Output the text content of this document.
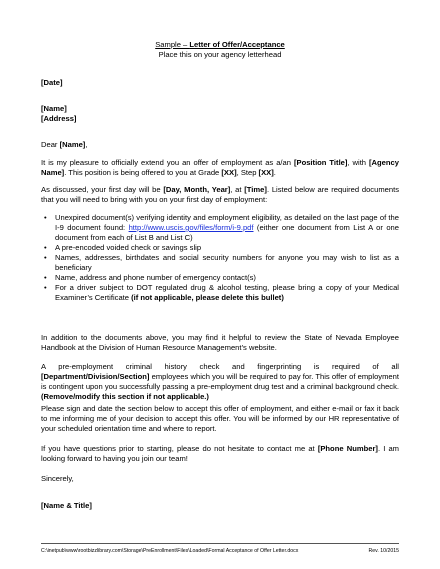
Sample – Letter of Offer/Acceptance
Place this on your agency letterhead
[Date]
[Name]
[Address]
Dear [Name],
It is my pleasure to officially extend you an offer of employment as a/an [Position Title], with [Agency Name]. This position is being offered to you at Grade [XX], Step [XX].
As discussed, your first day will be [Day, Month, Year], at [Time]. Listed below are required documents that you will need to bring with you on your first day of employment:
• Unexpired document(s) verifying identity and employment eligibility, as detailed on the last page of the I-9 document found: http://www.uscis.gov/files/form/i-9.pdf (either one document from List A or one document from each of List B and List C)
• A pre-encoded voided check or savings slip
• Names, addresses, birthdates and social security numbers for anyone you may wish to list as a beneficiary
• Name, address and phone number of emergency contact(s)
• For a driver subject to DOT regulated drug & alcohol testing, please bring a copy of your Medical Examiner’s Certificate (if not applicable, please delete this bullet)
In addition to the documents above, you may find it helpful to review the State of Nevada Employee Handbook at the Division of Human Resource Management’s website.
A pre-employment criminal history check and fingerprinting is required of all [Department/Division/Section] employees which you will be required to pay for. This offer of employment is contingent upon you successfully passing a pre-employment drug test and a criminal background check. (Remove/modify this section if not applicable.)
Please sign and date the section below to accept this offer of employment, and either e-mail or fax it back to me informing me of your decision to accept this offer. You will be informed by our HR representative of your scheduled orientation time and where to report.
If you have questions prior to starting, please do not hesitate to contact me at [Phone Number]. I am looking forward to having you join our team!
Sincerely,
[Name & Title]
C:\inetpub\www\rootbizzlibrary.com\Storage\PreEnrollment\Files\Loaded\Formal Acceptance of Offer Letter.docx	Rev. 10/2015
